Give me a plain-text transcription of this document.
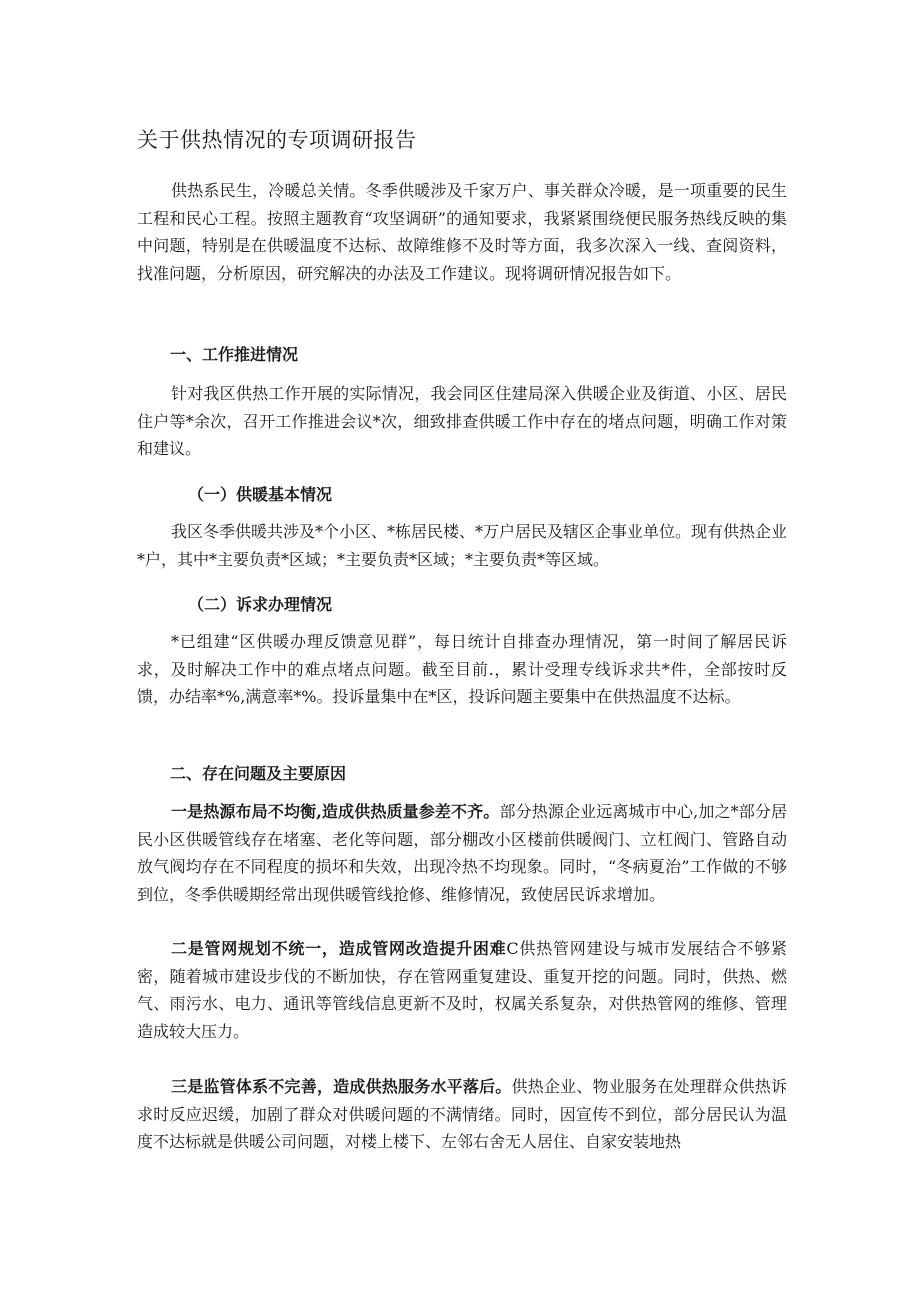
关于供热情况的专项调研报告

供热系民生，冷暖总关情。冬季供暖涉及千家万户、事关群众冷暖，是一项重要的民生工程和民心工程。按照主题教育“攻坚调研”的通知要求，我紧紧围绕便民服务热线反映的集中问题，特别是在供暖温度不达标、故障维修不及时等方面，我多次深入一线、查阅资料，找准问题，分析原因，研究解决的办法及工作建议。现将调研情况报告如下。

一、工作推进情况

针对我区供热工作开展的实际情况，我会同区住建局深入供暖企业及街道、小区、居民住户等*余次，召开工作推进会议*次，细致排查供暖工作中存在的堵点问题，明确工作对策和建议。

（一）供暖基本情况

我区冬季供暖共涉及*个小区、*栋居民楼、*万户居民及辖区企事业单位。现有供热企业*户，其中*主要负责*区域；*主要负责*区域；*主要负责*等区域。

（二）诉求办理情况

*已组建“区供暖办理反馈意见群”，每日统计自排查办理情况，第一时间了解居民诉求，及时解决工作中的难点堵点问题。截至目前.，累计受理专线诉求共*件，全部按时反馈，办结率*%,满意率*%。投诉量集中在*区，投诉问题主要集中在供热温度不达标。

二、存在问题及主要原因

一是热源布局不均衡,造成供热质量参差不齐。部分热源企业远离城市中心,加之*部分居民小区供暖管线存在堵塞、老化等问题，部分棚改小区楼前供暖阀门、立杠阀门、管路自动放气阀均存在不同程度的损坏和失效，出现冷热不均现象。同时，“冬病夏治”工作做的不够到位，冬季供暖期经常出现供暖管线抢修、维修情况，致使居民诉求增加。

二是管网规划不统一，造成管网改造提升困难C供热管网建设与城市发展结合不够紧密，随着城市建设步伐的不断加快，存在管网重复建设、重复开挖的问题。同时，供热、燃气、雨污水、电力、通讯等管线信息更新不及时，权属关系复杂，对供热管网的维修、管理造成较大压力。

三是监管体系不完善，造成供热服务水平落后。供热企业、物业服务在处理群众供热诉求时反应迟缓，加剧了群众对供暖问题的不满情绪。同时，因宣传不到位，部分居民认为温度不达标就是供暖公司问题，对楼上楼下、左邻右舍无人居住、自家安装地热
